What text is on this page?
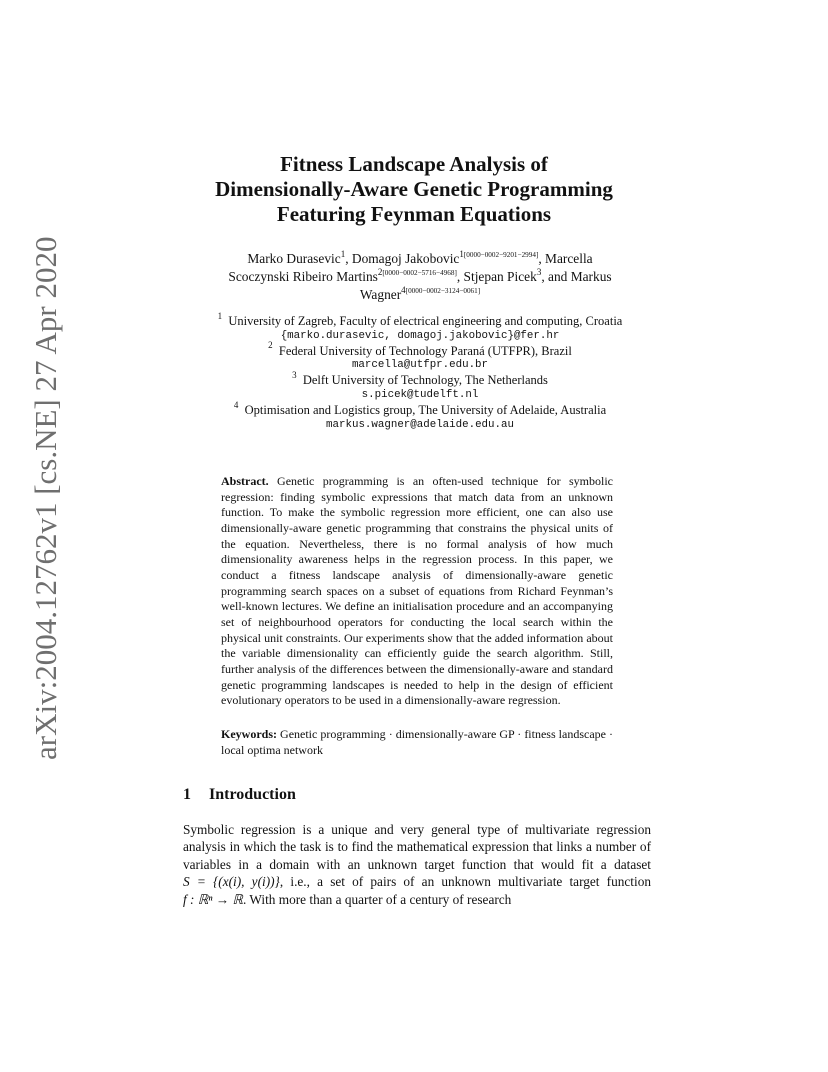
arXiv:2004.12762v1 [cs.NE] 27 Apr 2020
Fitness Landscape Analysis of
Dimensionally-Aware Genetic Programming
Featuring Feynman Equations
Marko Durasevic$^1$, Domagoj Jakobovic$^{1[0000-0002-9201-2994]}$, Marcella
Scoczynski Ribeiro Martins$^{2[0000-0002-5716-4968]}$, Stjepan Picek$^3$, and Markus
Wagner$^{4[0000-0002-3124-0061]}$
$^1$ University of Zagreb, Faculty of electrical engineering and computing, Croatia
{marko.durasevic, domagoj.jakobovic}@fer.hr
$^2$ Federal University of Technology Paraná (UTFPR), Brazil
marcella@utfpr.edu.br
$^3$ Delft University of Technology, The Netherlands
s.picek@tudelft.nl
$^4$ Optimisation and Logistics group, The University of Adelaide, Australia
markus.wagner@adelaide.edu.au
Abstract. Genetic programming is an often-used technique for symbolic regression: finding symbolic expressions that match data from an unknown function. To make the symbolic regression more efficient, one can also use dimensionally-aware genetic programming that constrains the physical units of the equation. Nevertheless, there is no formal analysis of how much dimensionality awareness helps in the regression process. In this paper, we conduct a fitness landscape analysis of dimensionally-aware genetic programming search spaces on a subset of equations from Richard Feynman’s well-known lectures. We define an initialisation procedure and an accompanying set of neighbourhood operators for conducting the local search within the physical unit constraints. Our experiments show that the added information about the variable dimensionality can efficiently guide the search algorithm. Still, further analysis of the differences between the dimensionally-aware and standard genetic programming landscapes is needed to help in the design of efficient evolutionary operators to be used in a dimensionally-aware regression.
Keywords: Genetic programming · dimensionally-aware GP · fitness landscape · local optima network
1 Introduction
Symbolic regression is a unique and very general type of multivariate regression analysis in which the task is to find the mathematical expression that links a number of variables in a domain with an unknown target function that would fit a dataset S = {(x(i), y(i))}, i.e., a set of pairs of an unknown multivariate target function f : ℝⁿ → ℝ. With more than a quarter of a century of research
